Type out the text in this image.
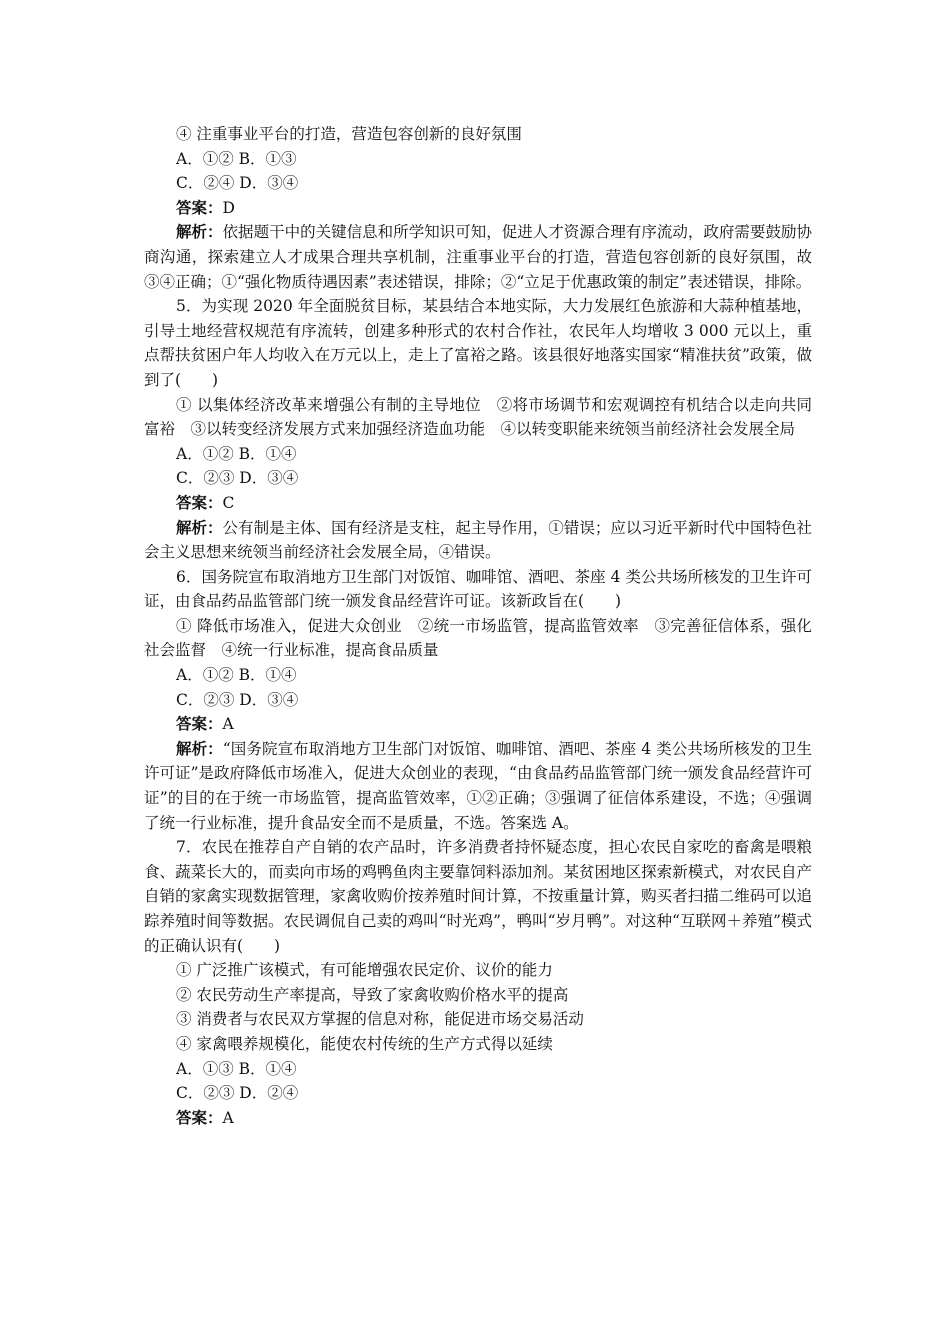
④ 注重事业平台的打造，营造包容创新的良好氛围

A．①② B．①③

C．②④ D．③④

答案：D

解析：依据题干中的关键信息和所学知识可知，促进人才资源合理有序流动，政府需要鼓励协商沟通，探索建立人才成果合理共享机制，注重事业平台的打造，营造包容创新的良好氛围，故③④正确；①“强化物质待遇因素”表述错误，排除；②“立足于优惠政策的制定”表述错误，排除。

5．为实现 2020 年全面脱贫目标，某县结合本地实际，大力发展红色旅游和大蒜种植基地，引导土地经营权规范有序流转，创建多种形式的农村合作社，农民年人均增收 3 000 元以上，重点帮扶贫困户年人均收入在万元以上，走上了富裕之路。该县很好地落实国家“精准扶贫”政策，做到了(　　)

① 以集体经济改革来增强公有制的主导地位　②将市场调节和宏观调控有机结合以走向共同富裕　③以转变经济发展方式来加强经济造血功能　④以转变职能来统领当前经济社会发展全局

A．①② B．①④

C．②③ D．③④

答案：C

解析：公有制是主体、国有经济是支柱，起主导作用，①错误；应以习近平新时代中国特色社会主义思想来统领当前经济社会发展全局，④错误。

6．国务院宣布取消地方卫生部门对饭馆、咖啡馆、酒吧、茶座 4 类公共场所核发的卫生许可证，由食品药品监管部门统一颁发食品经营许可证。该新政旨在(　　)

① 降低市场准入，促进大众创业　②统一市场监管，提高监管效率　③完善征信体系，强化社会监督　④统一行业标准，提高食品质量

A．①② B．①④

C．②③ D．③④

答案：A

解析：“国务院宣布取消地方卫生部门对饭馆、咖啡馆、酒吧、茶座 4 类公共场所核发的卫生许可证”是政府降低市场准入，促进大众创业的表现，“由食品药品监管部门统一颁发食品经营许可证”的目的在于统一市场监管，提高监管效率，①②正确；③强调了征信体系建设，不选；④强调了统一行业标准，提升食品安全而不是质量，不选。答案选 A。

7．农民在推荐自产自销的农产品时，许多消费者持怀疑态度，担心农民自家吃的畜禽是喂粮食、蔬菜长大的，而卖向市场的鸡鸭鱼肉主要靠饲料添加剂。某贫困地区探索新模式，对农民自产自销的家禽实现数据管理，家禽收购价按养殖时间计算，不按重量计算，购买者扫描二维码可以追踪养殖时间等数据。农民调侃自己卖的鸡叫“时光鸡”，鸭叫“岁月鸭”。对这种“互联网＋养殖”模式的正确认识有(　　)

① 广泛推广该模式，有可能增强农民定价、议价的能力

② 农民劳动生产率提高，导致了家禽收购价格水平的提高

③ 消费者与农民双方掌握的信息对称，能促进市场交易活动

④ 家禽喂养规模化，能使农村传统的生产方式得以延续

A．①③ B．①④

C．②③ D．②④

答案：A
